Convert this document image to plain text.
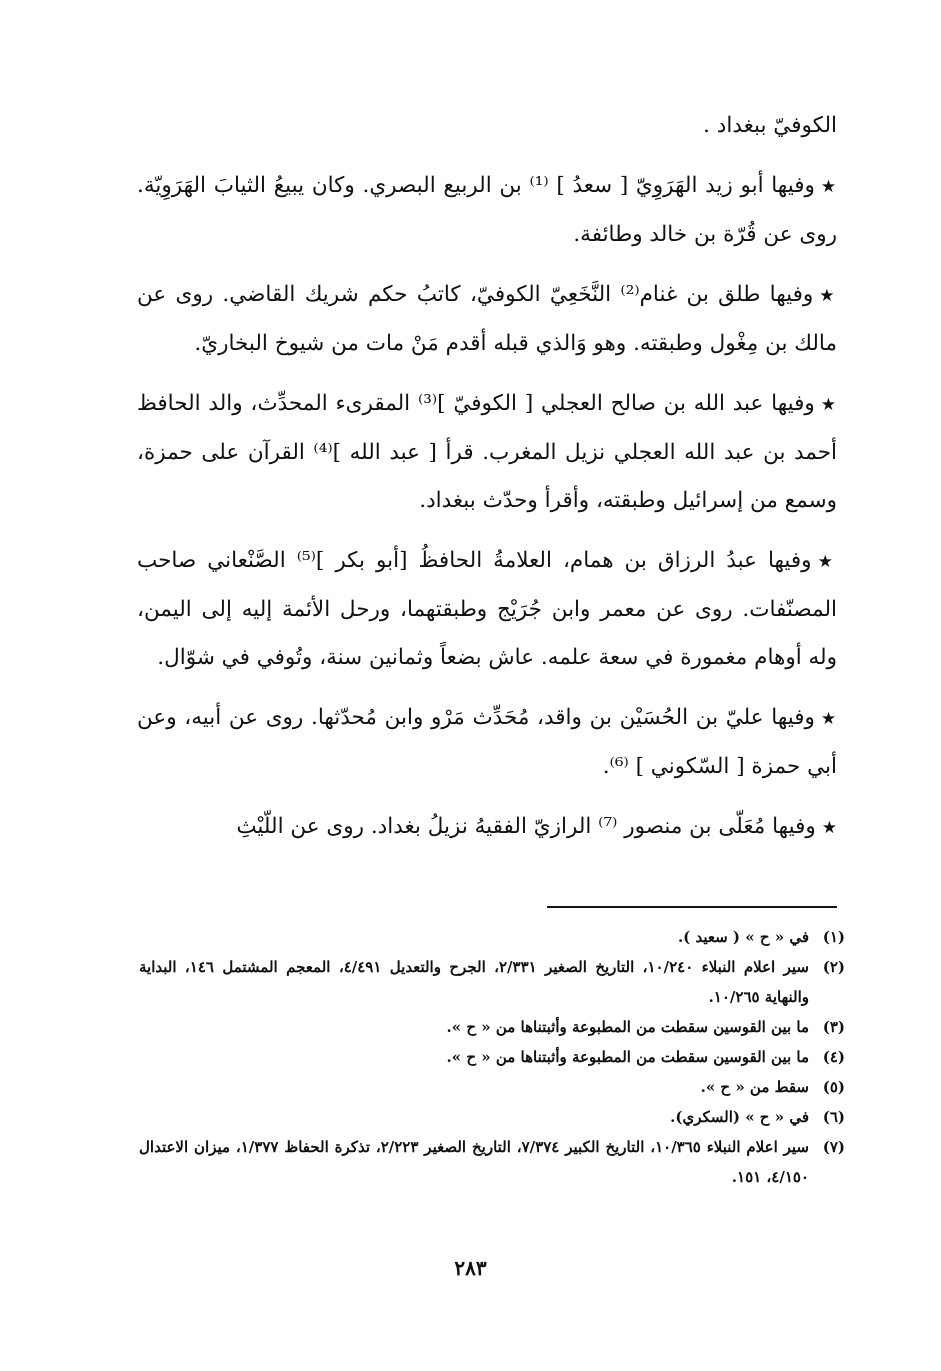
الكوفيّ ببغداد .

★وفيها أبو زيد الهَرَوِيّ [ سعدُ ] ⁽¹⁾ بن الربيع البصري. وكان يبيعُ الثيابَ الهَرَوِيّة. روى عن قُرّة بن خالد وطائفة.

★وفيها طلق بن غنام⁽²⁾ النَّخَعِيّ الكوفيّ، كاتبُ حكم شريك القاضي. روى عن مالك بن مِغْول وطبقته. وهو وَالذي قبله أقدم مَنْ مات من شيوخ البخاريّ.

★وفيها عبد الله بن صالح العجلي [ الكوفيّ ]⁽³⁾ المقرىء المحدِّث، والد الحافظ أحمد بن عبد الله العجلي نزيل المغرب. قرأ [ عبد الله ]⁽⁴⁾ القرآن على حمزة، وسمع من إسرائيل وطبقته، وأقرأ وحدّث ببغداد.

★وفيها عبدُ الرزاق بن همام، العلامةُ الحافظُ [أبو بكر ]⁽⁵⁾ الصَّنْعاني صاحب المصنّفات. روى عن معمر وابن جُرَيْج وطبقتهما، ورحل الأئمة إليه إلى اليمن، وله أوهام مغمورة في سعة علمه. عاش بضعاً وثمانين سنة، وتُوفي في شوّال.

★وفيها عليّ بن الحُسَيْن بن واقد، مُحَدِّث مَرْو وابن مُحدّثها. روى عن أبيه، وعن أبي حمزة [ السّكوني ] ⁽⁶⁾.

★وفيها مُعَلّى بن منصور ⁽⁷⁾ الرازيّ الفقيهُ نزيلُ بغداد. روى عن اللّيْثِ

(١)
في « ح » ( سعيد ).
(٢)
سير اعلام النبلاء ١٠/٢٤٠، التاريخ الصغير ٢/٣٣١، الجرح والتعديل ٤/٤٩١، المعجم المشتمل ١٤٦، البداية والنهاية ١٠/٢٦٥.
(٣)
ما بين القوسين سقطت من المطبوعة وأثبتناها من « ح ».
(٤)
ما بين القوسين سقطت من المطبوعة وأثبتناها من « ح ».
(٥)
سقط من « ح ».
(٦)
في « ح » (السكري).
(٧)
سير اعلام النبلاء ١٠/٣٦٥، التاريخ الكبير ٧/٣٧٤، التاريخ الصغير ٢/٢٢٣، تذكرة الحفاظ ١/٣٧٧، ميزان الاعتدال ٤/١٥٠، ١٥١.
٢٨٣
